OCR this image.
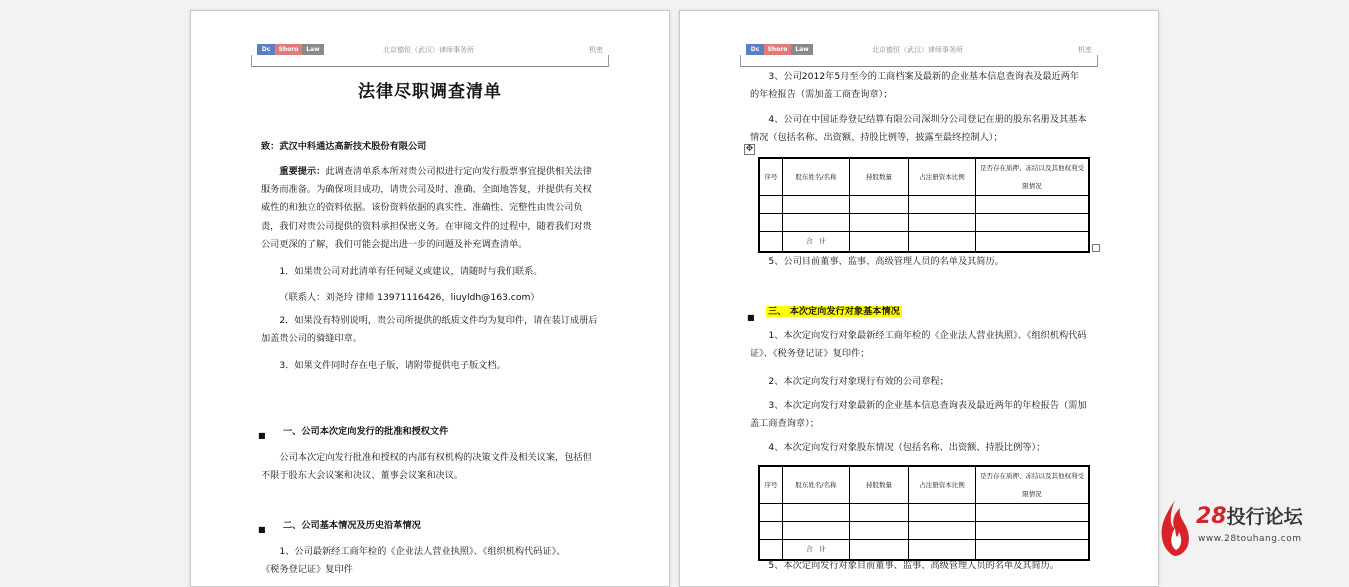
Dc	Shoro	Law	北京德恒（武汉）律师事务所	机密
法律尽职调查清单

致：武汉中科通达高新技术股份有限公司

重要提示：此调查清单系本所对贵公司拟进行定向发行股票事宜提供相关法律服务而准备。为确保项目成功，请贵公司及时、准确、全面地答复，并提供有关权威性的和独立的资料依据。该份资料依据的真实性、准确性、完整性由贵公司负责，我们对贵公司提供的资料承担保密义务。在审阅文件的过程中，随着我们对贵公司更深的了解，我们可能会提出进一步的问题及补充调查清单。

1．如果贵公司对此清单有任何疑义或建议，请随时与我们联系。

（联系人：刘尧玲 律师 13971116426，liuyldh@163.com）

2．如果没有特别说明，贵公司所提供的纸质文件均为复印件，请在装订成册后加盖贵公司的骑缝印章。

3．如果文件同时存在电子版，请附带提供电子版文档。

■ 一、公司本次定向发行的批准和授权文件

公司本次定向发行批准和授权的内部有权机构的决策文件及相关议案，包括但不限于股东大会议案和决议、董事会议案和决议。

■ 二、公司基本情况及历史沿革情况

1、公司最新经工商年检的《企业法人营业执照》、《组织机构代码证》、

《税务登记证》复印件

Dc	Shoro	Law	北京德恒（武汉）律师事务所	机密

3、公司2012年5月至今的工商档案及最新的企业基本信息查询表及最近两年的年检报告（需加盖工商查询章）；

4、公司在中国证券登记结算有限公司深圳分公司登记在册的股东名册及其基本情况（包括名称、出资额、持股比例等，披露至最终控制人）；

✥
序号	股东姓名/名称	持股数量	占注册资本比例	是否存在质押、冻结以及其他权利受限情况

	合　计			

5、公司目前董事、监事、高级管理人员的名单及其简历。

■

三、 本次定向发行对象基本情况

1、本次定向发行对象最新经工商年检的《企业法人营业执照》、《组织机构代码证》、《税务登记证》复印件；

2、本次定向发行对象现行有效的公司章程；

3、本次定向发行对象最新的企业基本信息查询表及最近两年的年检报告（需加盖工商查询章）；

4、本次定向发行对象股东情况（包括名称、出资额、持股比例等）；

序号	股东姓名/名称	持股数量	占注册资本比例	是否存在质押、冻结以及其他权利受限情况

	合　计			

5、本次定向发行对象目前董事、监事、高级管理人员的名单及其简历。

28投行论坛
www.28touhang.com
